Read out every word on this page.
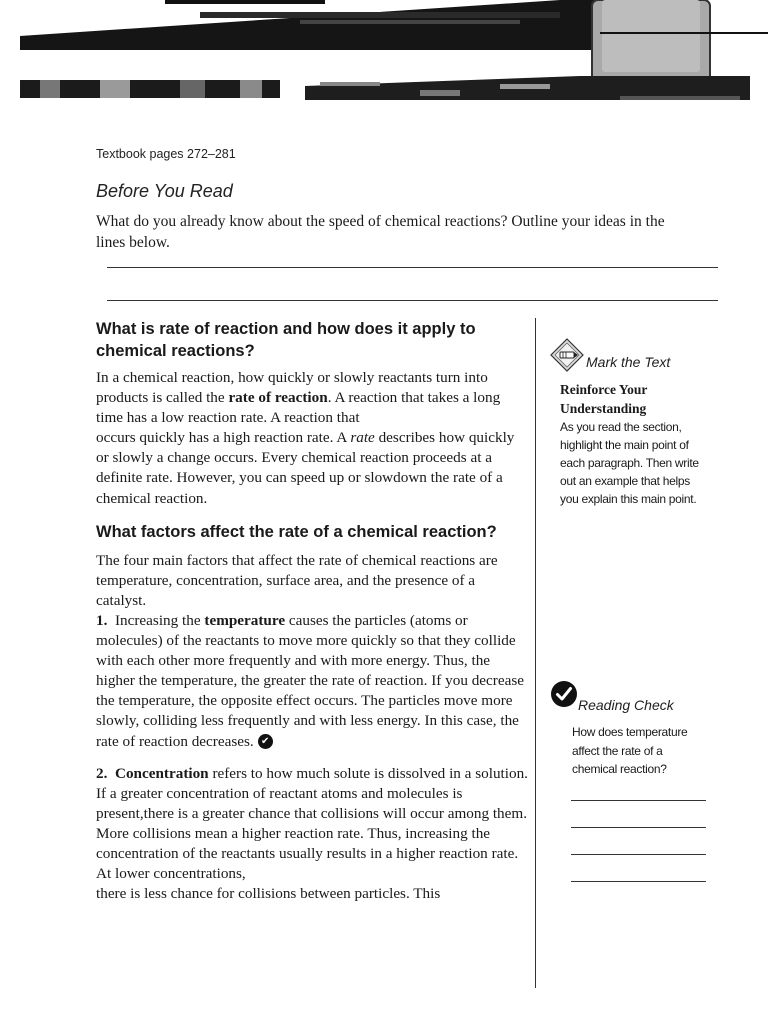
Textbook pages 272–281
Before You Read

What do you already know about the speed of chemical reactions? Outline your ideas in the lines below.

What is rate of reaction and how does it apply to chemical reactions?

In a chemical reaction, how quickly or slowly reactants turn into products is called the rate of reaction. A reaction that takes a long time has a low reaction rate. A reaction that

occurs quickly has a high reaction rate. A rate describes how quickly or slowly a change occurs. Every chemical reaction proceeds at a definite rate. However, you can speed up or slowdown the rate of a chemical reaction.

What factors affect the rate of a chemical reaction?

The four main factors that affect the rate of chemical reactions are temperature, concentration, surface area, and the presence of a catalyst.

1. Increasing the temperature causes the particles (atoms or molecules) of the reactants to move more quickly so that they collide with each other more frequently and with more energy. Thus, the higher the temperature, the greater the rate of reaction. If you decrease the temperature, the opposite effect occurs. The particles move more slowly, colliding less frequently and with less energy. In this case, the rate of reaction decreases. ✔

2. Concentration refers to how much solute is dissolved in a solution.

If a greater concentration of reactant atoms and molecules is present,there is a greater chance that collisions will occur among them. More collisions mean a higher reaction rate. Thus, increasing the concentration of the reactants usually results in a higher reaction rate. At lower concentrations,

there is less chance for collisions between particles. This

Mark the Text
Reinforce Your Understanding

As you read the section, highlight the main point of each paragraph. Then write out an example that helps you explain this main point.

Reading Check

How does temperature affect the rate of a chemical reaction?
